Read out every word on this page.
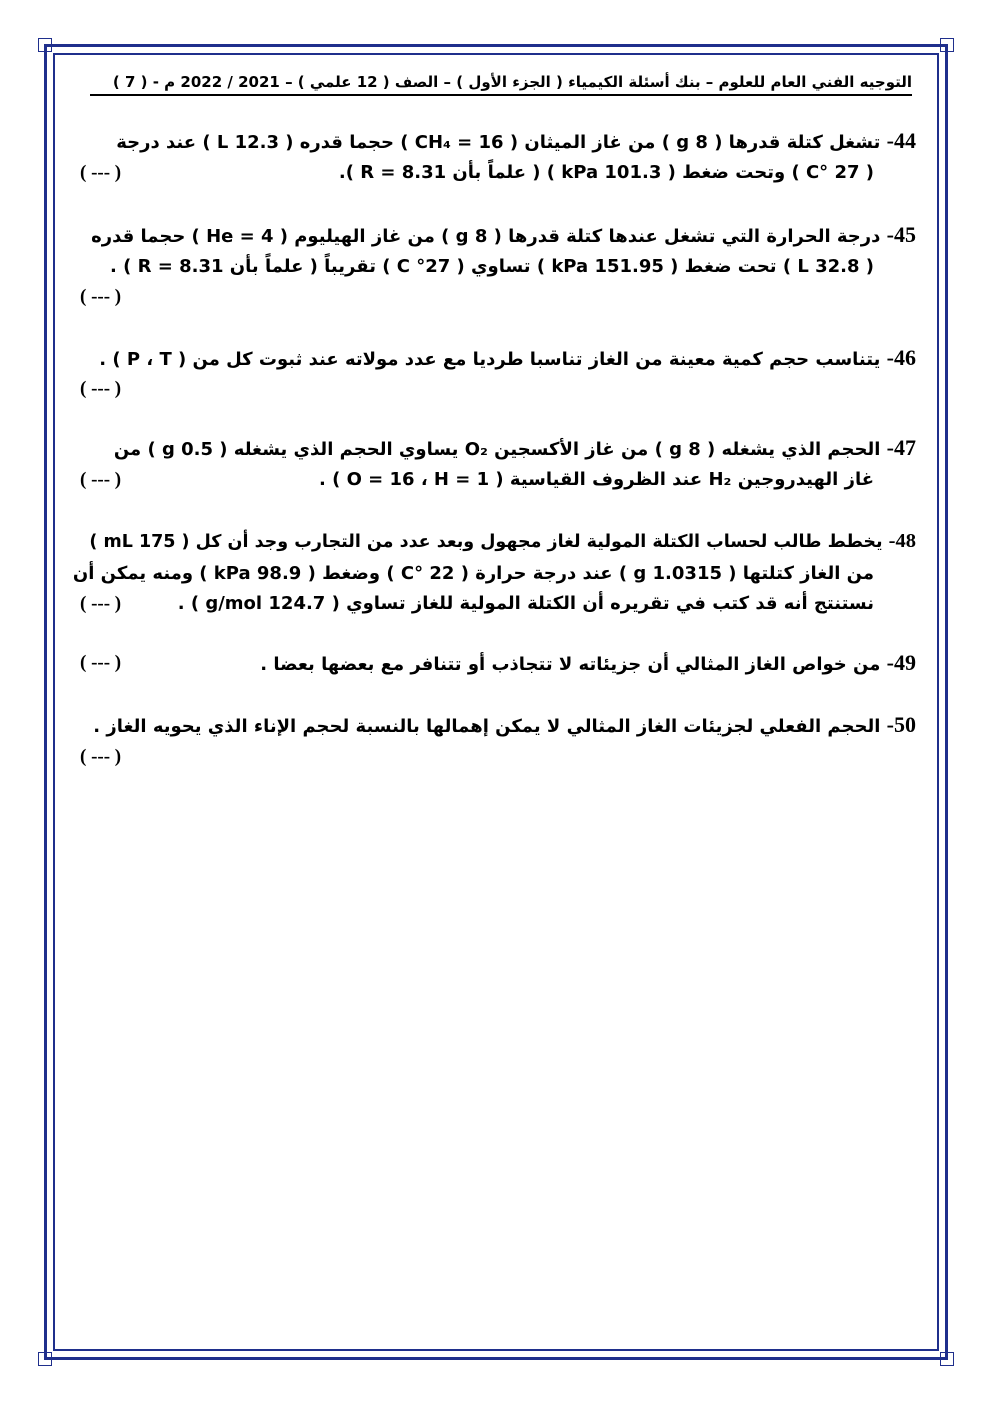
التوجيه الفني العام للعلوم – بنك أسئلة الكيمياء ( الجزء الأول ) – الصف ( 12 علمي ) – 2021 / 2022 م - ( 7 )
44- تشغل كتلة قدرها ( 8 g ) من غاز الميثان ( CH₄ = 16 ) حجما قدره ( 12.3 L ) عند درجة
( 27 °C ) وتحت ضغط ( 101.3 kPa ) ( علماً بأن R = 8.31 ).
( --- )
45- درجة الحرارة التي تشغل عندها كتلة قدرها ( 8 g ) من غاز الهيليوم ( He = 4 ) حجما قدره
( 32.8 L ) تحت ضغط ( 151.95 kPa ) تساوي ( 27° C ) تقريباً ( علماً بأن R = 8.31 ) .
( --- )
46- يتناسب حجم كمية معينة من الغاز تناسبا طرديا مع عدد مولاته عند ثبوت كل من ( P ، T ) .
( --- )
47- الحجم الذي يشغله ( 8 g ) من غاز الأكسجين O₂ يساوي الحجم الذي يشغله ( 0.5 g ) من
غاز الهيدروجين H₂ عند الظروف القياسية ( O = 16 ، H = 1 ) .
( --- )
48- يخطط طالب لحساب الكتلة المولية لغاز مجهول وبعد عدد من التجارب وجد أن كل ( 175 mL )
من الغاز كتلتها ( 1.0315 g ) عند درجة حرارة ( 22 °C ) وضغط ( 98.9 kPa ) ومنه يمكن أن
نستنتج أنه قد كتب في تقريره أن الكتلة المولية للغاز تساوي ( 124.7 g/mol ) .
( --- )
49- من خواص الغاز المثالي أن جزيئاته لا تتجاذب أو تتنافر مع بعضها بعضا .
( --- )
50- الحجم الفعلي لجزيئات الغاز المثالي لا يمكن إهمالها بالنسبة لحجم الإناء الذي يحويه الغاز .
( --- )
